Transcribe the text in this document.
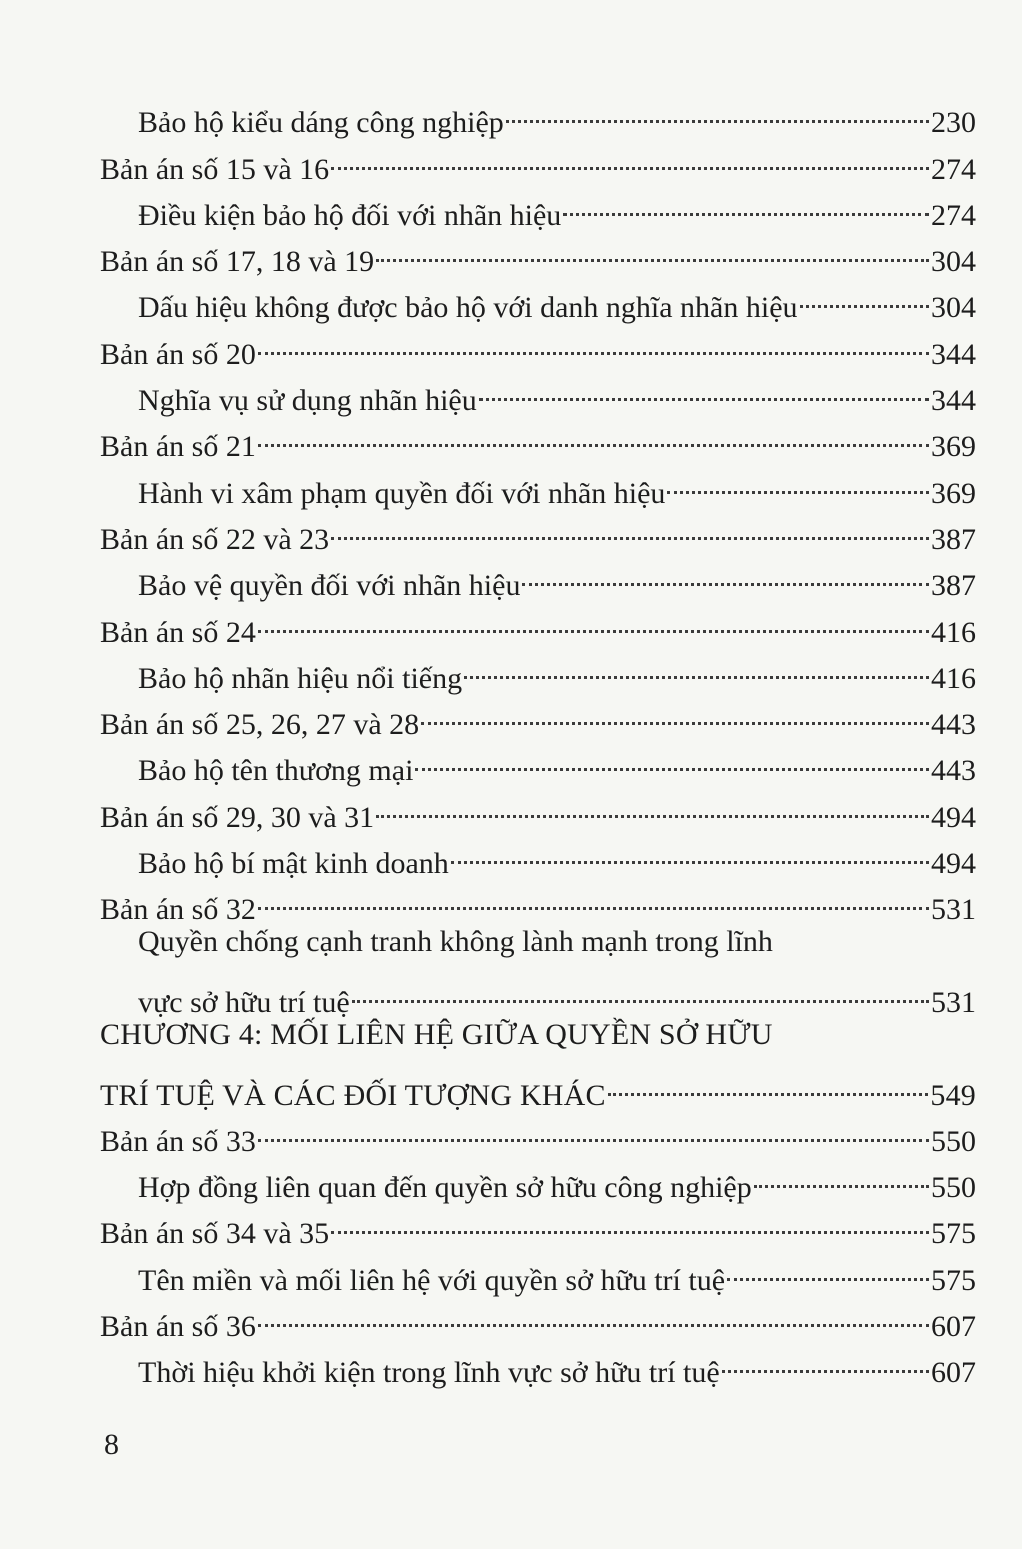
Bảo hộ kiểu dáng công nghiệp	230
Bản án số 15 và 16	274
Điều kiện bảo hộ đối với nhãn hiệu	274
Bản án số 17, 18 và 19	304
Dấu hiệu không được bảo hộ với danh nghĩa nhãn hiệu	304
Bản án số 20	344
Nghĩa vụ sử dụng nhãn hiệu	344
Bản án số 21	369
Hành vi xâm phạm quyền đối với nhãn hiệu	369
Bản án số 22 và 23	387
Bảo vệ quyền đối với nhãn hiệu	387
Bản án số 24	416
Bảo hộ nhãn hiệu nổi tiếng	416
Bản án số 25, 26, 27 và 28	443
Bảo hộ tên thương mại	443
Bản án số 29, 30 và 31	494
Bảo hộ bí mật kinh doanh	494
Bản án số 32	531
Quyền chống cạnh tranh không lành mạnh trong lĩnh
vực sở hữu trí tuệ	531
CHƯƠNG 4: MỐI LIÊN HỆ GIỮA QUYỀN SỞ HỮU
TRÍ TUỆ VÀ CÁC ĐỐI TƯỢNG KHÁC	549
Bản án số 33	550
Hợp đồng liên quan đến quyền sở hữu công nghiệp	550
Bản án số 34 và 35	575
Tên miền và mối liên hệ với quyền sở hữu trí tuệ	575
Bản án số 36	607
Thời hiệu khởi kiện trong lĩnh vực sở hữu trí tuệ	607
8
